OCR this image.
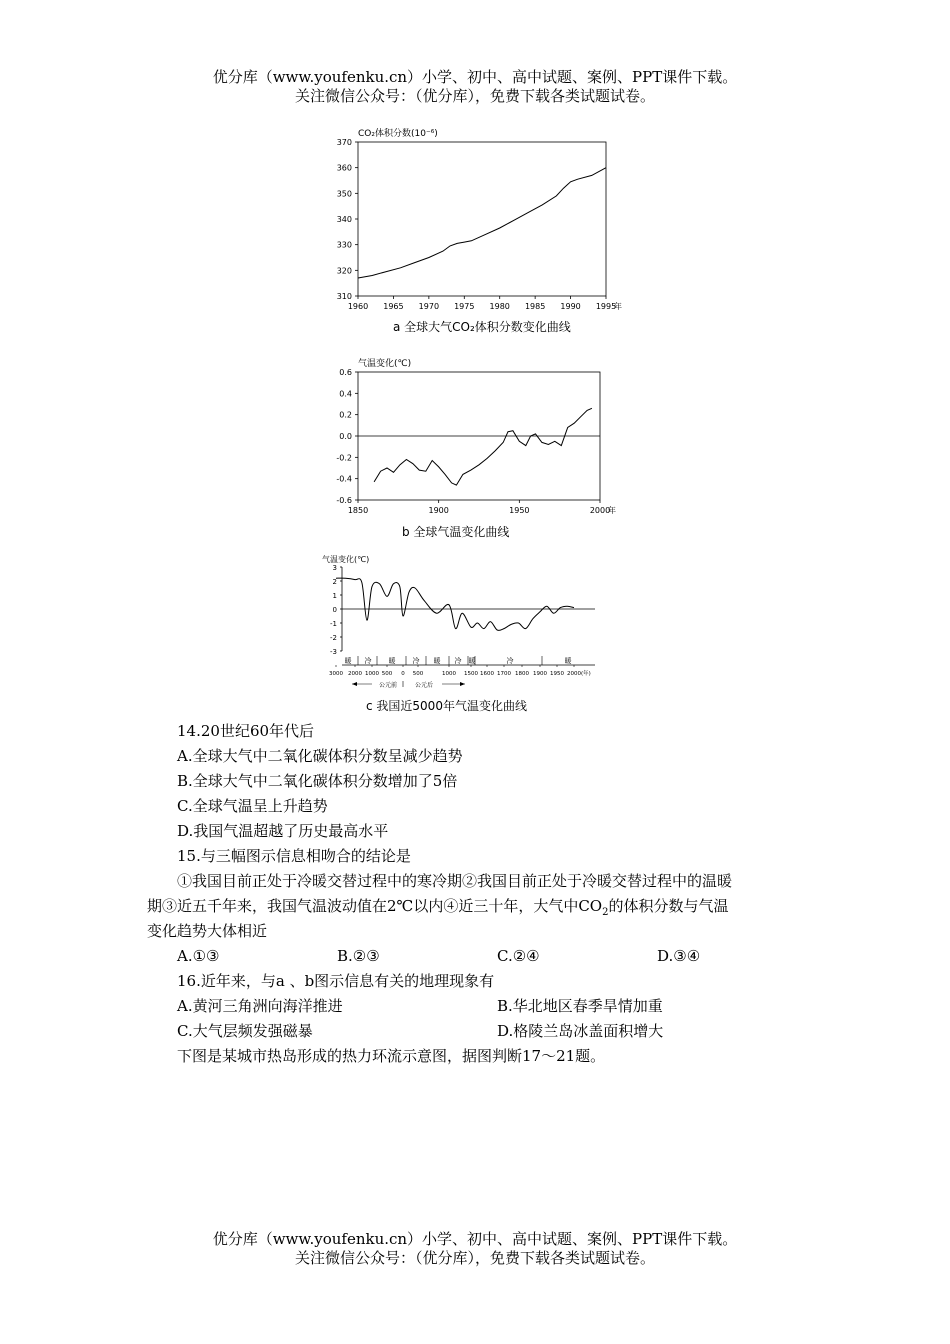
优分库（www.youfenku.cn）小学、初中、高中试题、案例、PPT课件下载。
关注微信公众号：（优分库），免费下载各类试题试卷。
CO₂体积分数(10⁻⁶)
310
320
330
340
350
360
370
1960 1965 1970 1975 1980 1985 1990 1995
年
a 全球大气CO₂体积分数变化曲线
气温变化(℃)
-0.6
-0.4
-0.2
0.0
0.2
0.4
0.6
1850	1900	1950	2000
年
b 全球气温变化曲线
气温变化(℃)
-3
-2
-1
0
1
2
3
暖 冷 暖 冷 暖 冷 暖	冷	暖
3000 2000 1000 500 0 500	1000 1500 1600 1700 1800 1900 1950 2000 (年)
公元前	公元后
c 我国近5000年气温变化曲线
14.20世纪60年代后
A.全球大气中二氧化碳体积分数呈减少趋势
B.全球大气中二氧化碳体积分数增加了5倍
C.全球气温呈上升趋势
D.我国气温超越了历史最高水平
15.与三幅图示信息相吻合的结论是
①我国目前正处于冷暖交替过程中的寒冷期②我国目前正处于冷暖交替过程中的温暖
期③近五千年来，我国气温波动值在2℃以内④近三十年，大气中$CO_2$的体积分数与气温
变化趋势大体相近
A.①③	B.②③	C.②④	D.③④
16.近年来，与a 、b图示信息有关的地理现象有
A.黄河三角洲向海洋推进	B.华北地区春季旱情加重
C.大气层频发强磁暴	D.格陵兰岛冰盖面积增大
下图是某城市热岛形成的热力环流示意图，据图判断17～21题。
优分库（www.youfenku.cn）小学、初中、高中试题、案例、PPT课件下载。
关注微信公众号：（优分库），免费下载各类试题试卷。
